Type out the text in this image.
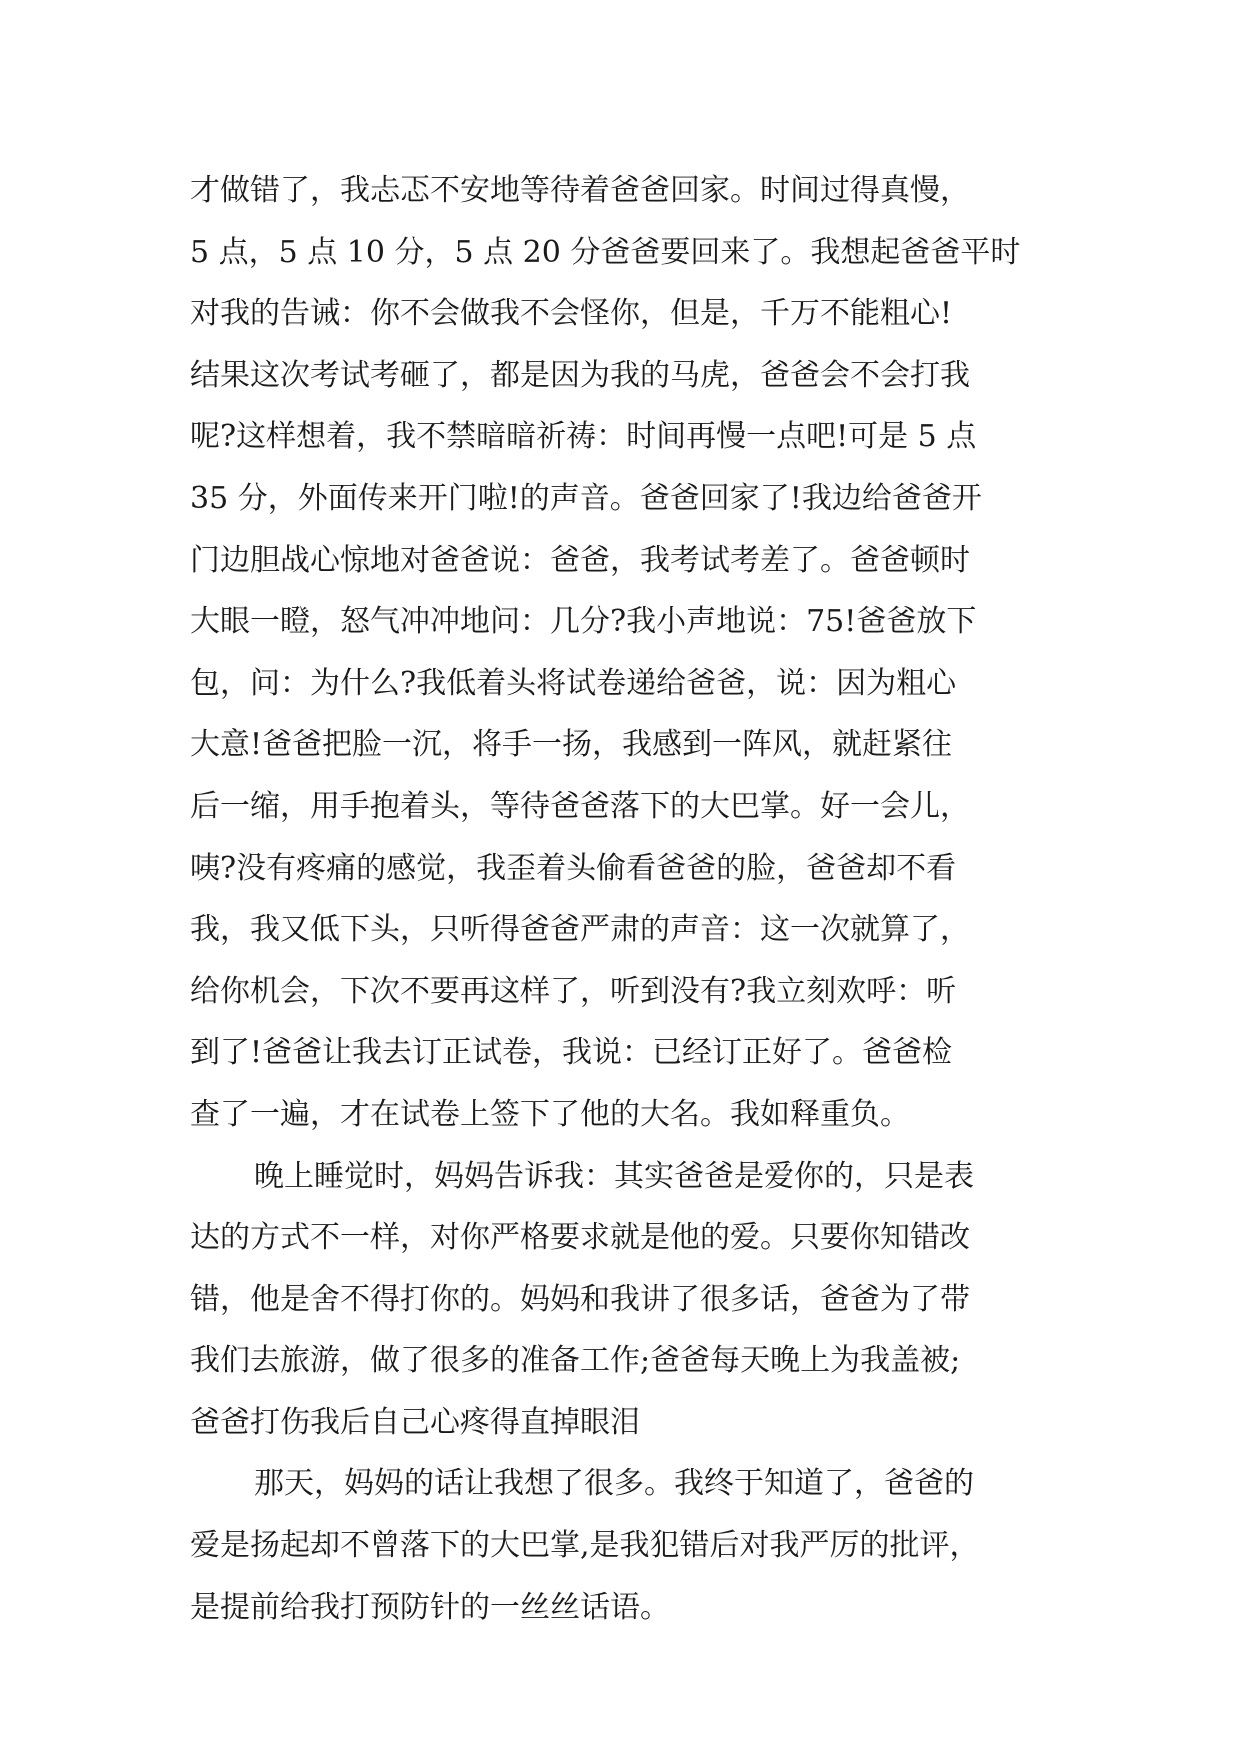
才做错了，我忐忑不安地等待着爸爸回家。时间过得真慢，
5 点，5 点 10 分，5 点 20 分爸爸要回来了。我想起爸爸平时
对我的告诫：你不会做我不会怪你，但是，千万不能粗心!
结果这次考试考砸了，都是因为我的马虎，爸爸会不会打我
呢?这样想着，我不禁暗暗祈祷：时间再慢一点吧!可是 5 点
35 分，外面传来开门啦!的声音。爸爸回家了!我边给爸爸开
门边胆战心惊地对爸爸说：爸爸，我考试考差了。爸爸顿时
大眼一瞪，怒气冲冲地问：几分?我小声地说：75!爸爸放下
包，问：为什么?我低着头将试卷递给爸爸，说：因为粗心
大意!爸爸把脸一沉，将手一扬，我感到一阵风，就赶紧往
后一缩，用手抱着头，等待爸爸落下的大巴掌。好一会儿，
咦?没有疼痛的感觉，我歪着头偷看爸爸的脸，爸爸却不看
我，我又低下头，只听得爸爸严肃的声音：这一次就算了，
给你机会，下次不要再这样了，听到没有?我立刻欢呼：听
到了!爸爸让我去订正试卷，我说：已经订正好了。爸爸检
查了一遍，才在试卷上签下了他的大名。我如释重负。
晚上睡觉时，妈妈告诉我：其实爸爸是爱你的，只是表
达的方式不一样，对你严格要求就是他的爱。只要你知错改
错，他是舍不得打你的。妈妈和我讲了很多话，爸爸为了带
我们去旅游，做了很多的准备工作;爸爸每天晚上为我盖被;
爸爸打伤我后自己心疼得直掉眼泪
那天，妈妈的话让我想了很多。我终于知道了，爸爸的
爱是扬起却不曾落下的大巴掌,是我犯错后对我严厉的批评，
是提前给我打预防针的一丝丝话语。
